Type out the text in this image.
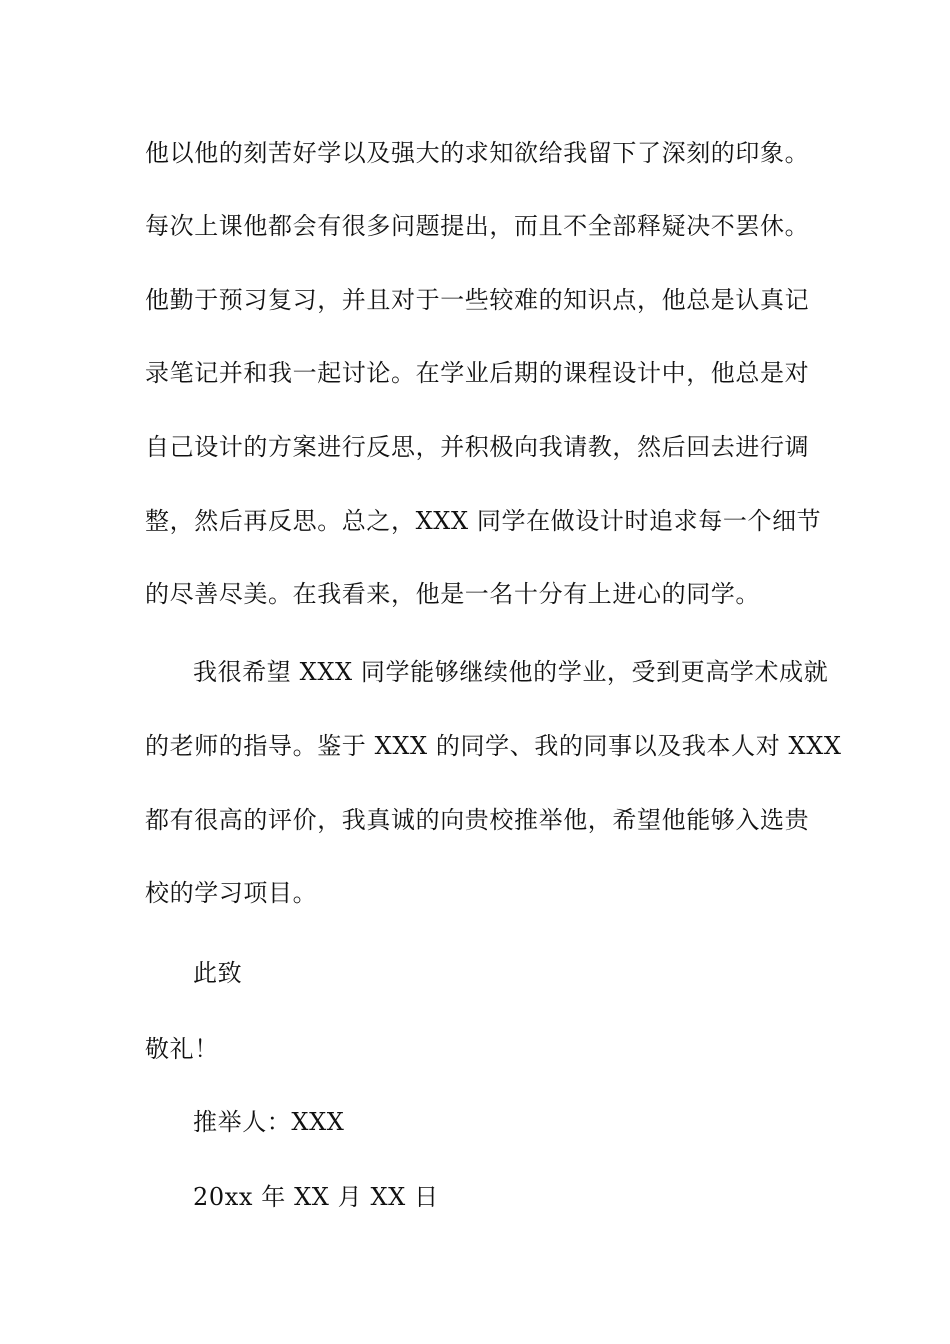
他以他的刻苦好学以及强大的求知欲给我留下了深刻的印象。
每次上课他都会有很多问题提出，而且不全部释疑决不罢休。
他勤于预习复习，并且对于一些较难的知识点，他总是认真记
录笔记并和我一起讨论。在学业后期的课程设计中，他总是对
自己设计的方案进行反思，并积极向我请教，然后回去进行调
整，然后再反思。总之，XXX 同学在做设计时追求每一个细节
的尽善尽美。在我看来，他是一名十分有上进心的同学。
我很希望 XXX 同学能够继续他的学业，受到更高学术成就
的老师的指导。鉴于 XXX 的同学、我的同事以及我本人对 XXX
都有很高的评价，我真诚的向贵校推举他，希望他能够入选贵
校的学习项目。
此致
敬礼！
推举人：XXX
20xx 年 XX 月 XX 日
